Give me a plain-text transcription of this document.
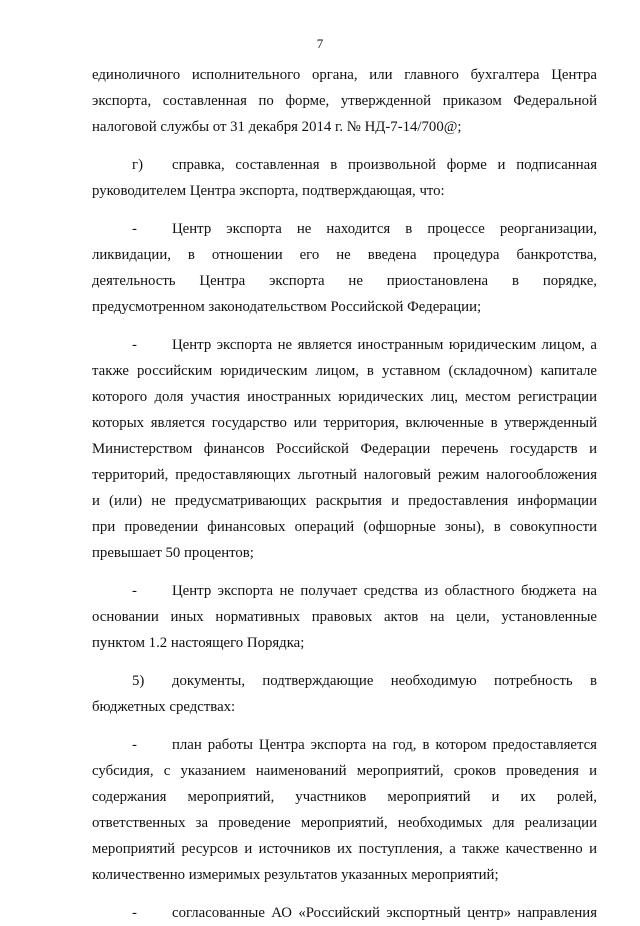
7
единоличного исполнительного органа, или главного бухгалтера Центра
экспорта, составленная по форме, утвержденной приказом Федеральной
налоговой службы от 31 декабря 2014 г. № НД-7-14/700@;
г)	справка, составленная в произвольной форме и подписанная
руководителем Центра экспорта, подтверждающая, что:
-	Центр экспорта не находится в процессе реорганизации,
ликвидации, в отношении его не введена процедура банкротства,
деятельность Центра экспорта не приостановлена в порядке,
предусмотренном законодательством Российской Федерации;
-	Центр экспорта не является иностранным юридическим лицом, а
также российским юридическим лицом, в уставном (складочном) капитале
которого доля участия иностранных юридических лиц, местом регистрации
которых является государство или территория, включенные в утвержденный
Министерством финансов Российской Федерации перечень государств и
территорий, предоставляющих льготный налоговый режим налогообложения
и (или) не предусматривающих раскрытия и предоставления информации
при проведении финансовых операций (офшорные зоны), в совокупности
превышает 50 процентов;
-	Центр экспорта не получает средства из областного бюджета на
основании иных нормативных правовых актов на цели, установленные
пунктом 1.2 настоящего Порядка;
5)	документы, подтверждающие необходимую потребность в
бюджетных средствах:
-	план работы Центра экспорта на год, в котором предоставляется
субсидия, с указанием наименований мероприятий, сроков проведения и
содержания мероприятий, участников мероприятий и их ролей,
ответственных за проведение мероприятий, необходимых для реализации
мероприятий ресурсов и источников их поступления, а также качественно и
количественно измеримых результатов указанных мероприятий;
-	согласованные АО «Российский экспортный центр» направления
